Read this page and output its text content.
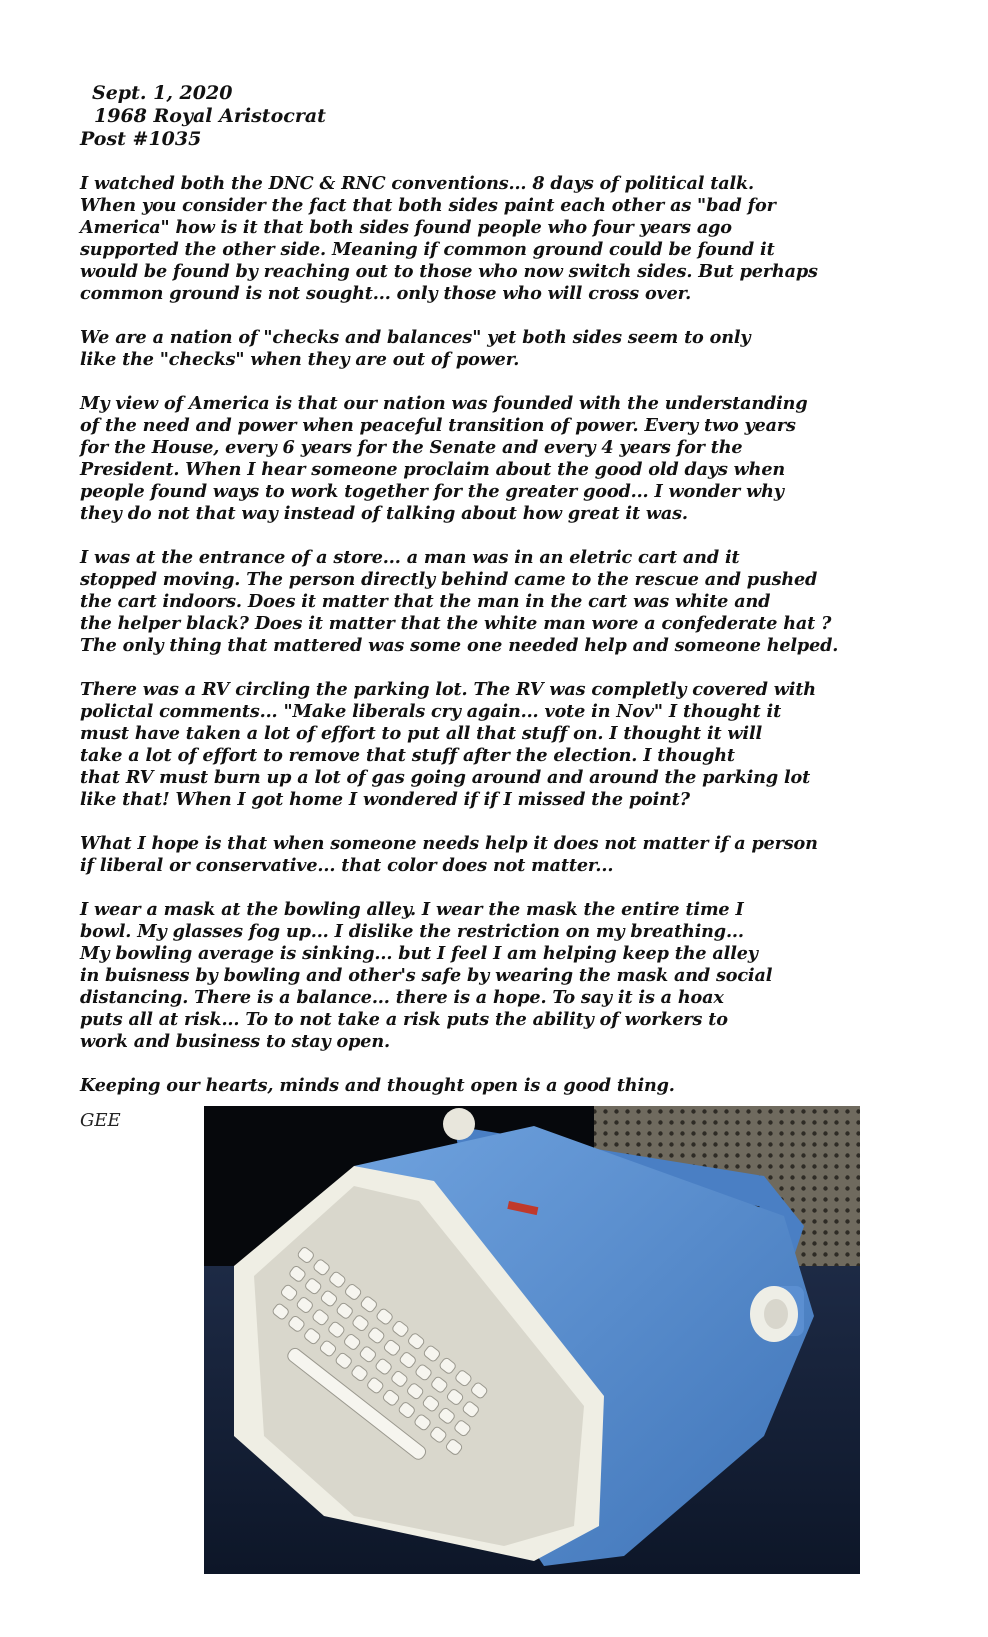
Sept. 1, 2020
1968 Royal Aristocrat
Post #1035
I watched both the DNC & RNC conventions... 8 days of political talk.
When you consider the fact that both sides paint each other as "bad for
America" how is it that both sides found people who four years ago
supported the other side. Meaning if common ground could be found it
would be found by reaching out to those who now switch sides. But perhaps
common ground is not sought... only those who will cross over.
We are a nation of "checks and balances" yet both sides seem to only
like the "checks" when they are out of power.
My view of America is that our nation was founded with the understanding
of the need and power when peaceful transition of power. Every two years
for the House, every 6 years for the Senate and every 4 years for the
President. When I hear someone proclaim about the good old days when
people found ways to work together for the greater good... I wonder why
they do not that way instead of talking about how great it was.
I was at the entrance of a store... a man was in an eletric cart and it
stopped moving. The person directly behind came to the rescue and pushed
the cart indoors. Does it matter that the man in the cart was white and
the helper black? Does it matter that the white man wore a confederate hat ?
The only thing that mattered was some one needed help and someone helped.
There was a RV circling the parking lot. The RV was completly covered with
polictal comments... "Make liberals cry again... vote in Nov" I thought it
must have taken a lot of effort to put all that stuff on. I thought it will
take a lot of effort to remove that stuff after the election. I thought
that RV must burn up a lot of gas going around and around the parking lot
like that! When I got home I wondered if if I missed the point?
What I hope is that when someone needs help it does not matter if a person
if liberal or conservative... that color does not matter...
I wear a mask at the bowling alley. I wear the mask the entire time I
bowl. My glasses fog up... I dislike the restriction on my breathing...
My bowling average is sinking... but I feel I am helping keep the alley
in buisness by bowling and other's safe by wearing the mask and social
distancing. There is a balance... there is a hope. To say it is a hoax
puts all at risk... To to not take a risk puts the ability of workers to
work and business to stay open.
Keeping our hearts, minds and thought open is a good thing.
GEE
